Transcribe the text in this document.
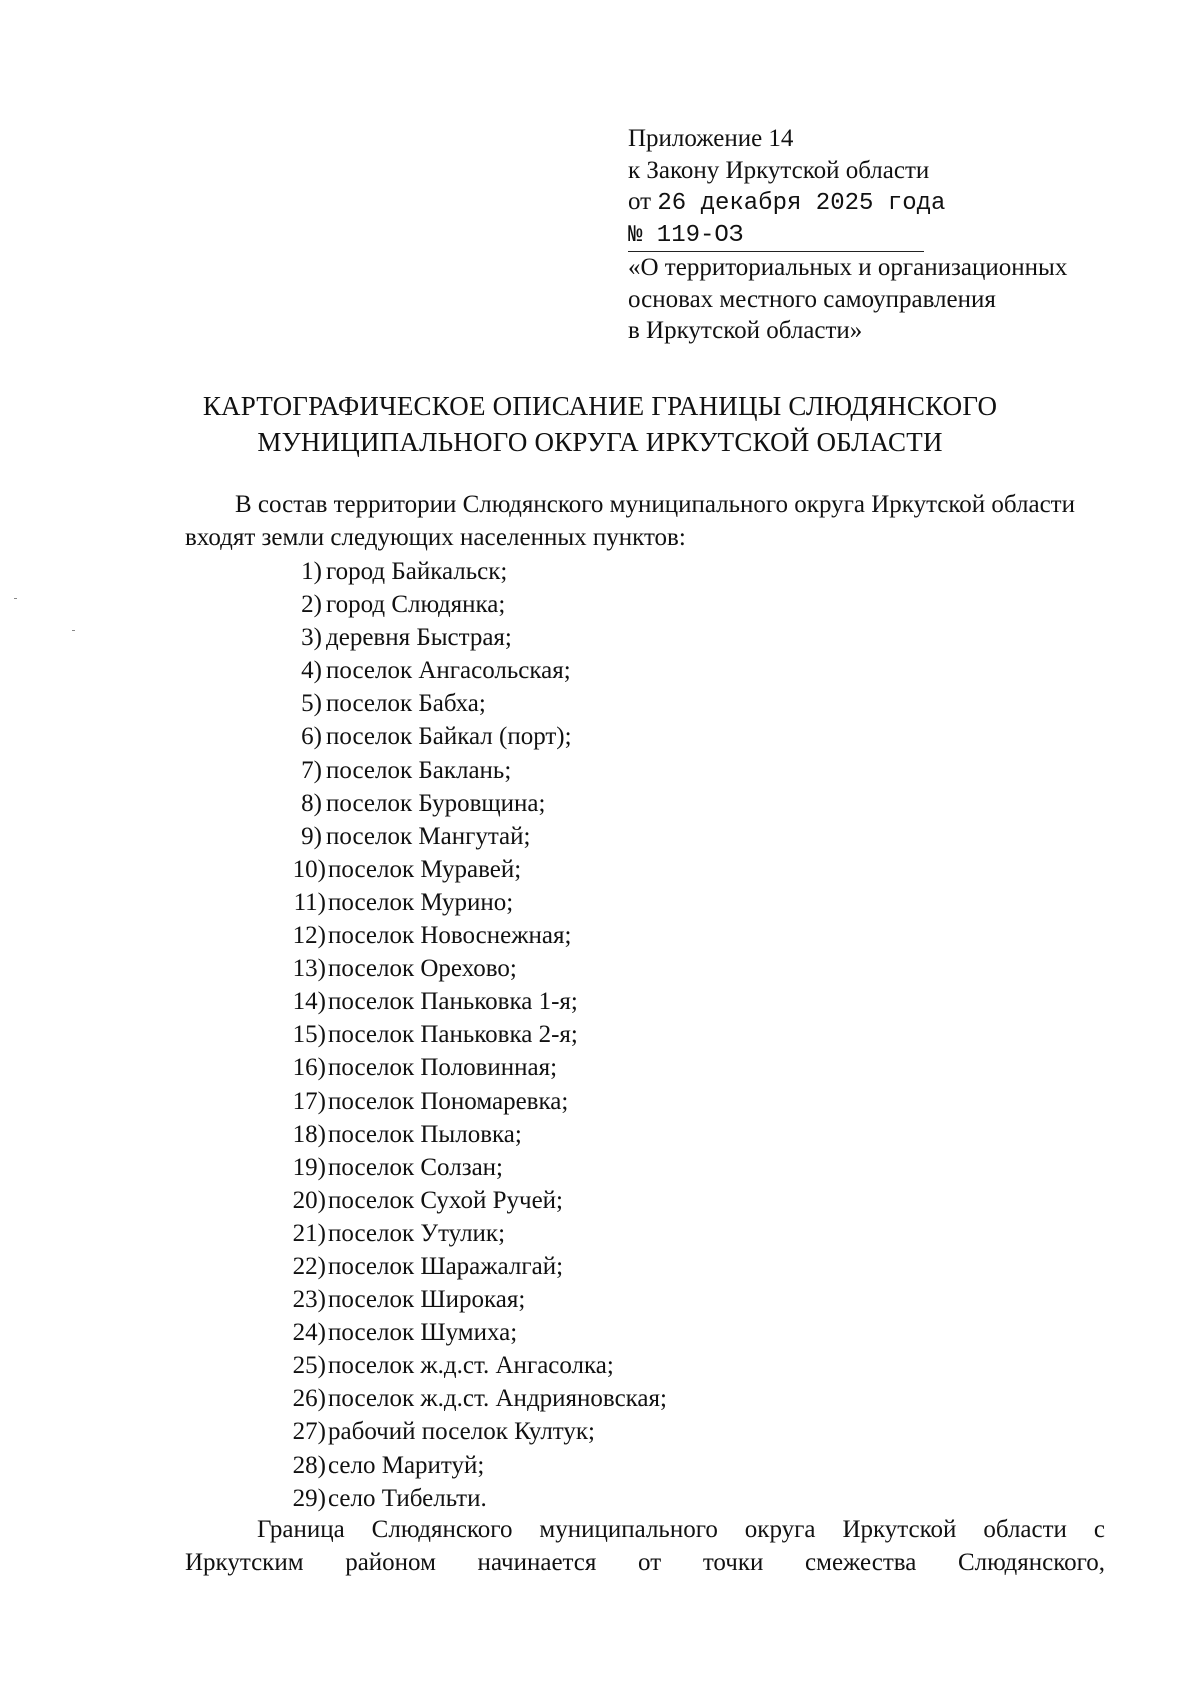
Приложение 14
к Закону Иркутской области
от 26 декабря 2025 года
№ 119-ОЗ
«О территориальных и организационных
основах местного самоуправления
в Иркутской области»
КАРТОГРАФИЧЕСКОЕ ОПИСАНИЕ ГРАНИЦЫ СЛЮДЯНСКОГО
МУНИЦИПАЛЬНОГО ОКРУГА ИРКУТСКОЙ ОБЛАСТИ

В состав территории Слюдянского муниципального округа Иркутской области входят земли следующих населенных пунктов:

1) город Байкальск;
2) город Слюдянка;
3) деревня Быстрая;
4) поселок Ангасольская;
5) поселок Бабха;
6) поселок Байкал (порт);
7) поселок Баклань;
8) поселок Буровщина;
9) поселок Мангутай;
10) поселок Муравей;
11) поселок Мурино;
12) поселок Новоснежная;
13) поселок Орехово;
14) поселок Паньковка 1-я;
15) поселок Паньковка 2-я;
16) поселок Половинная;
17) поселок Пономаревка;
18) поселок Пыловка;
19) поселок Солзан;
20) поселок Сухой Ручей;
21) поселок Утулик;
22) поселок Шаражалгай;
23) поселок Широкая;
24) поселок Шумиха;
25) поселок ж.д.ст. Ангасолка;
26) поселок ж.д.ст. Андрияновская;
27) рабочий поселок Култук;
28) село Маритуй;
29) село Тибельти.

Граница Слюдянского муниципального округа Иркутской области с

Иркутским районом начинается от точки смежества Слюдянского,
